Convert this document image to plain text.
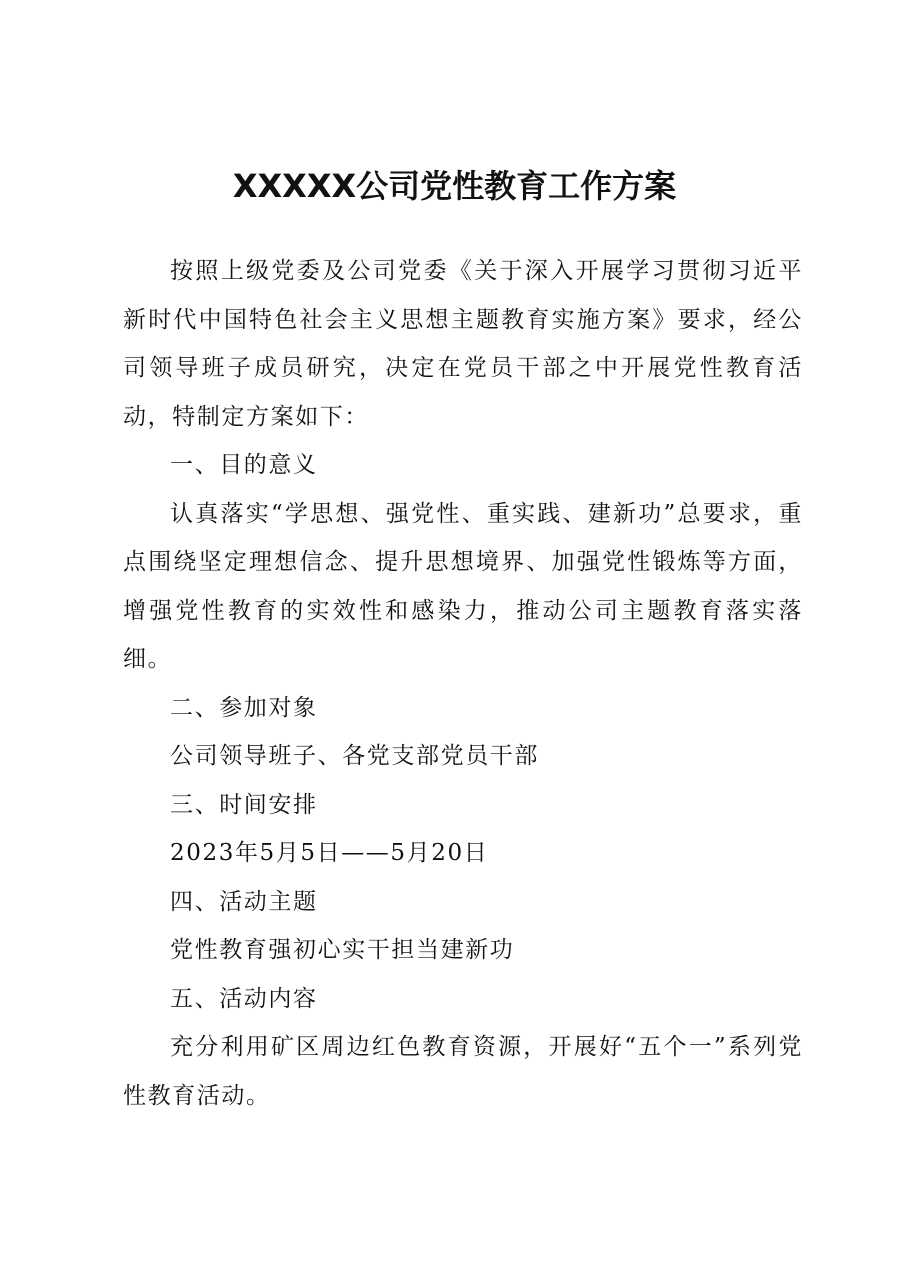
XXXXX公司党性教育工作方案

按照上级党委及公司党委《关于深入开展学习贯彻习近平新时代中国特色社会主义思想主题教育实施方案》要求，经公司领导班子成员研究，决定在党员干部之中开展党性教育活动，特制定方案如下：

一、目的意义

认真落实“学思想、强党性、重实践、建新功”总要求，重点围绕坚定理想信念、提升思想境界、加强党性锻炼等方面，增强党性教育的实效性和感染力，推动公司主题教育落实落细。

二、参加对象

公司领导班子、各党支部党员干部

三、时间安排

2023年5月5日——5月20日

四、活动主题

党性教育强初心实干担当建新功

五、活动内容

充分利用矿区周边红色教育资源，开展好“五个一”系列党性教育活动。
